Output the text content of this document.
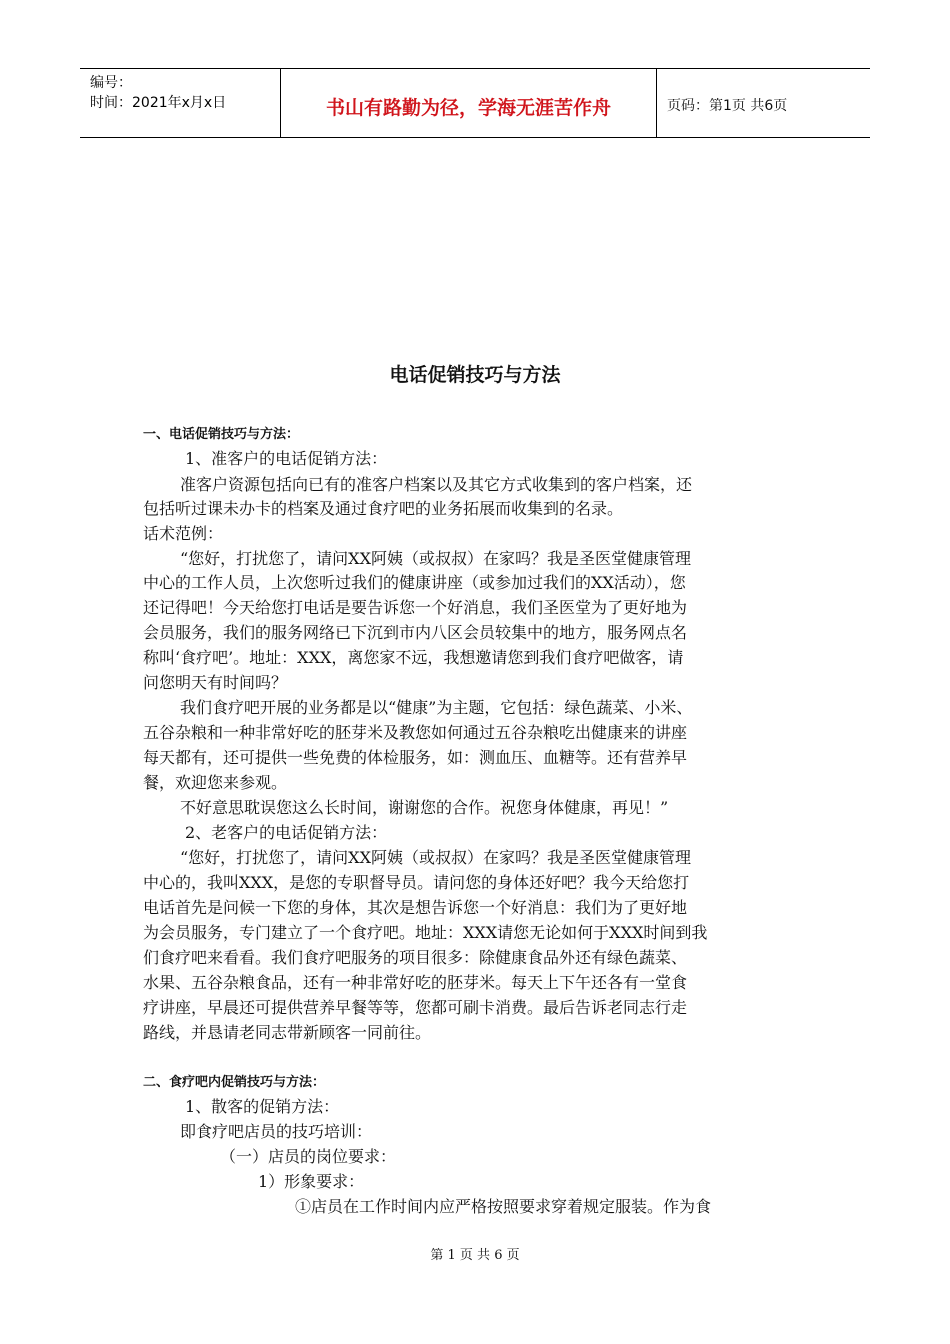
编号：
时间：2021年x月x日	书山有路勤为径，学海无涯苦作舟	页码：第1页 共6页
电话促销技巧与方法
一、电话促销技巧与方法：
1、准客户的电话促销方法：
准客户资源包括向已有的准客户档案以及其它方式收集到的客户档案，还
包括听过课未办卡的档案及通过食疗吧的业务拓展而收集到的名录。
话术范例：
“您好，打扰您了，请问XX阿姨（或叔叔）在家吗？我是圣医堂健康管理
中心的工作人员，上次您听过我们的健康讲座（或参加过我们的XX活动），您
还记得吧！今天给您打电话是要告诉您一个好消息，我们圣医堂为了更好地为
会员服务，我们的服务网络已下沉到市内八区会员较集中的地方，服务网点名
称叫‘食疗吧’。地址：XXX，离您家不远，我想邀请您到我们食疗吧做客，请
问您明天有时间吗？
我们食疗吧开展的业务都是以“健康”为主题，它包括：绿色蔬菜、小米、
五谷杂粮和一种非常好吃的胚芽米及教您如何通过五谷杂粮吃出健康来的讲座
每天都有，还可提供一些免费的体检服务，如：测血压、血糖等。还有营养早
餐，欢迎您来参观。
不好意思耽误您这么长时间，谢谢您的合作。祝您身体健康，再见！”
2、老客户的电话促销方法：
“您好，打扰您了，请问XX阿姨（或叔叔）在家吗？我是圣医堂健康管理
中心的，我叫XXX，是您的专职督导员。请问您的身体还好吧？我今天给您打
电话首先是问候一下您的身体，其次是想告诉您一个好消息：我们为了更好地
为会员服务，专门建立了一个食疗吧。地址：XXX请您无论如何于XXX时间到我
们食疗吧来看看。我们食疗吧服务的项目很多：除健康食品外还有绿色蔬菜、
水果、五谷杂粮食品，还有一种非常好吃的胚芽米。每天上下午还各有一堂食
疗讲座，早晨还可提供营养早餐等等，您都可刷卡消费。最后告诉老同志行走
路线，并恳请老同志带新顾客一同前往。
二、食疗吧内促销技巧与方法：
1、散客的促销方法：
即食疗吧店员的技巧培训：
（一）店员的岗位要求：
1）形象要求：
①店员在工作时间内应严格按照要求穿着规定服装。作为食
第 1 页 共 6 页
